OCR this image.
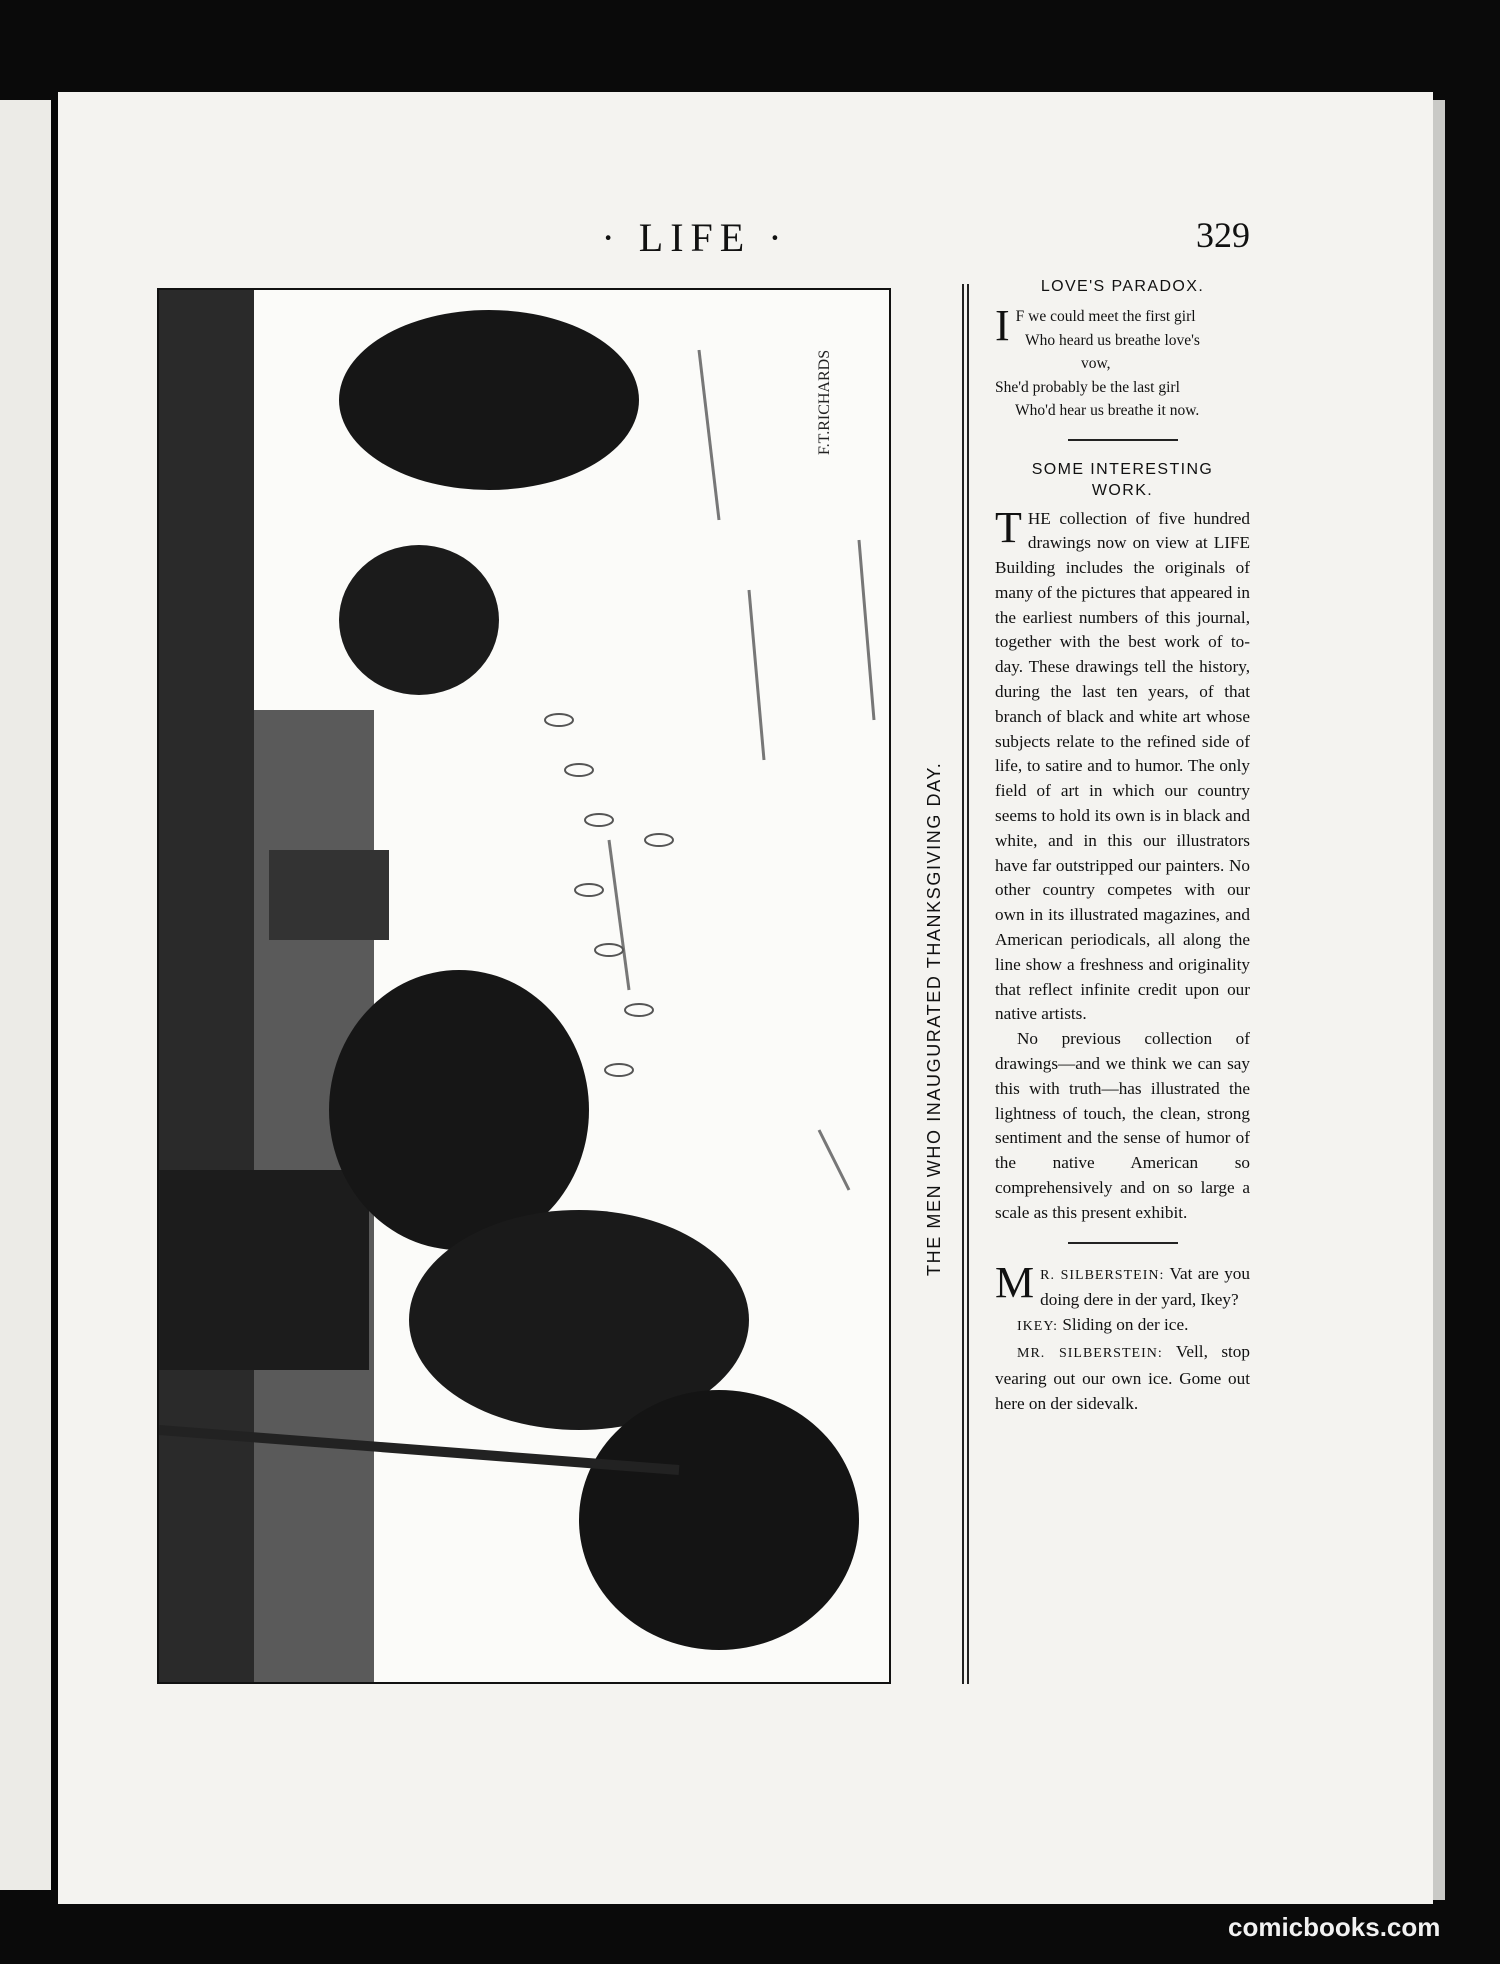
· LIFE ·	329
F.T.RICHARDS
THE MEN WHO INAUGURATED THANKSGIVING DAY.
LOVE'S PARADOX.
I F we could meet the first girl
Who heard us breathe love's
vow,
She'd probably be the last girl
Who'd hear us breathe it now.
SOME INTERESTING
WORK.
THE collection of five hundred drawings now on view at LIFE Building includes the originals of many of the pictures that appeared in the earliest numbers of this journal, together with the best work of to-day. These drawings tell the history, during the last ten years, of that branch of black and white art whose subjects relate to the refined side of life, to satire and to humor. The only field of art in which our country seems to hold its own is in black and white, and in this our illustrators have far outstripped our painters. No other country competes with our own in its illustrated magazines, and American periodicals, all along the line show a freshness and originality that reflect infinite credit upon our native artists.
No previous collection of drawings—and we think we can say this with truth—has illustrated the lightness of touch, the clean, strong sentiment and the sense of humor of the native American so comprehensively and on so large a scale as this present exhibit.

M R. SILBERSTEIN: Vat are you doing dere in der yard, Ikey?

IKEY: Sliding on der ice.

MR. SILBERSTEIN: Vell, stop vearing out our own ice. Gome out here on der sidevalk.

comicbooks.com
